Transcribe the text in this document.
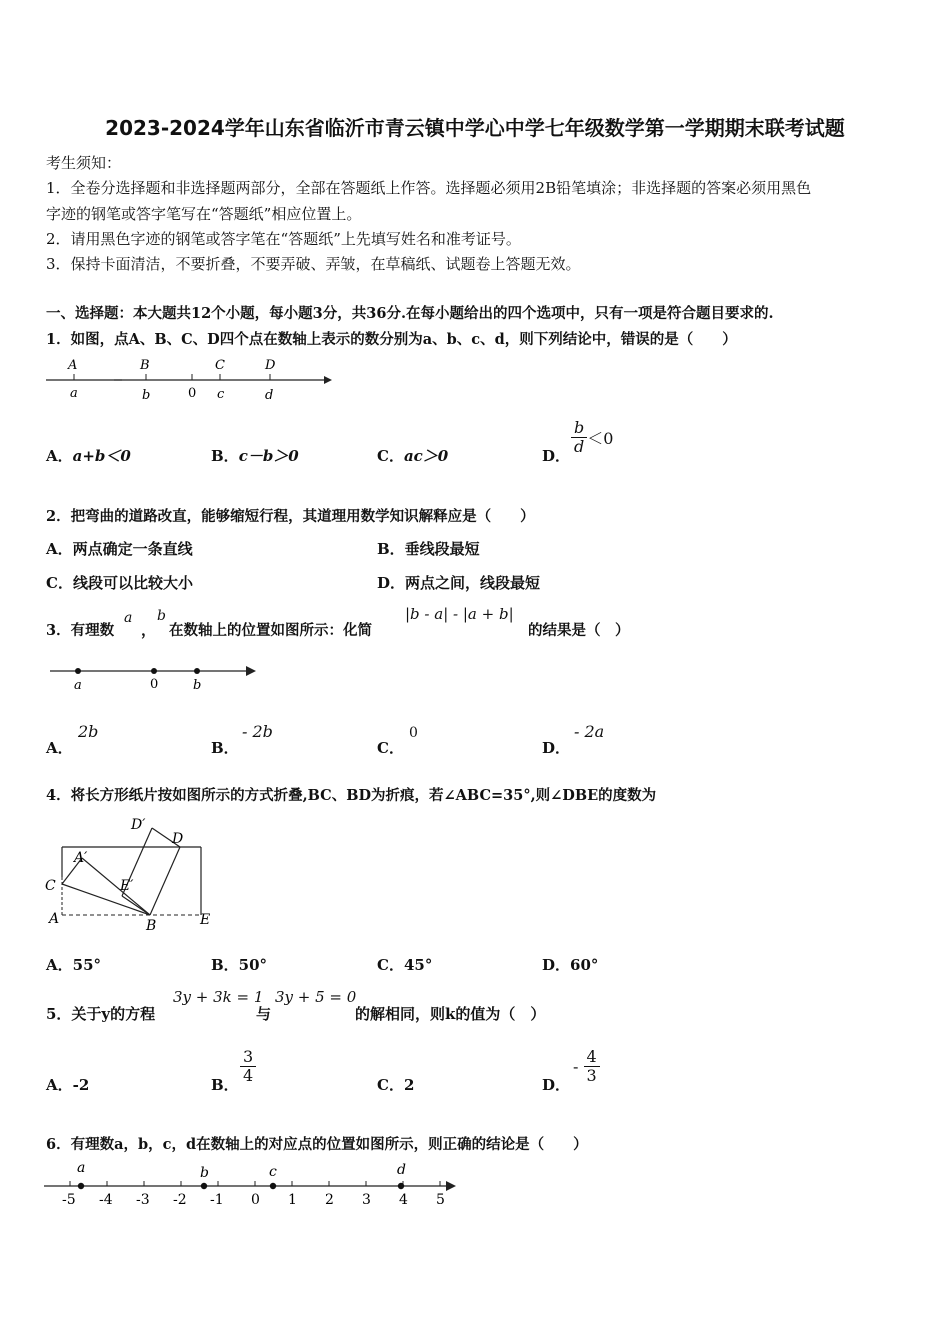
2023-2024学年山东省临沂市青云镇中学心中学七年级数学第一学期期末联考试题
考生须知：
1．全卷分选择题和非选择题两部分，全部在答题纸上作答。选择题必须用2B铅笔填涂；非选择题的答案必须用黑色
字迹的钢笔或答字笔写在“答题纸”相应位置上。
2．请用黑色字迹的钢笔或答字笔在“答题纸”上先填写姓名和准考证号。
3．保持卡面清洁，不要折叠，不要弄破、弄皱，在草稿纸、试题卷上答题无效。
一、选择题：本大题共12个小题，每小题3分，共36分.在每小题给出的四个选项中，只有一项是符合题目要求的.
1．如图，点A、B、C、D四个点在数轴上表示的数分别为a、b、c、d，则下列结论中，错误的是（　　）
A	B	C	D
a	b	0 c	d
A．a+b＜0	B．c－b＞0	C．ac＞0	D． $\frac{b}{d} <0$
2．把弯曲的道路改直，能够缩短行程，其道理用数学知识解释应是（　　）
A．两点确定一条直线	B．垂线段最短
C．线段可以比较大小	D．两点之间，线段最短
3．有理数
a
，
b
在数轴上的位置如图所示：化简
|b - a| - |a + b|
的结果是（　）
a	0	b
A．
2b
B．
- 2b
C．
0
D．
- 2a
4．将长方形纸片按如图所示的方式折叠,BC、BD为折痕，若∠ABC=35°,则∠DBE的度数为
D′
D
A′
C	E′
A	B	E
A．55°	B．50°	C．45°	D．60°
5．关于y的方程
3y + 3k = 1
与
3y + 5 = 0
的解相同，则k的值为（　）
A．-2	B． $\frac{3}{4}$	C．2	D．
- $\frac{4}{3}$
6．有理数a，b，c，d在数轴上的对应点的位置如图所示，则正确的结论是（　　）
-5 -4 -3 -2 -1 0 1 2 3 4 5
a	b	c	d
